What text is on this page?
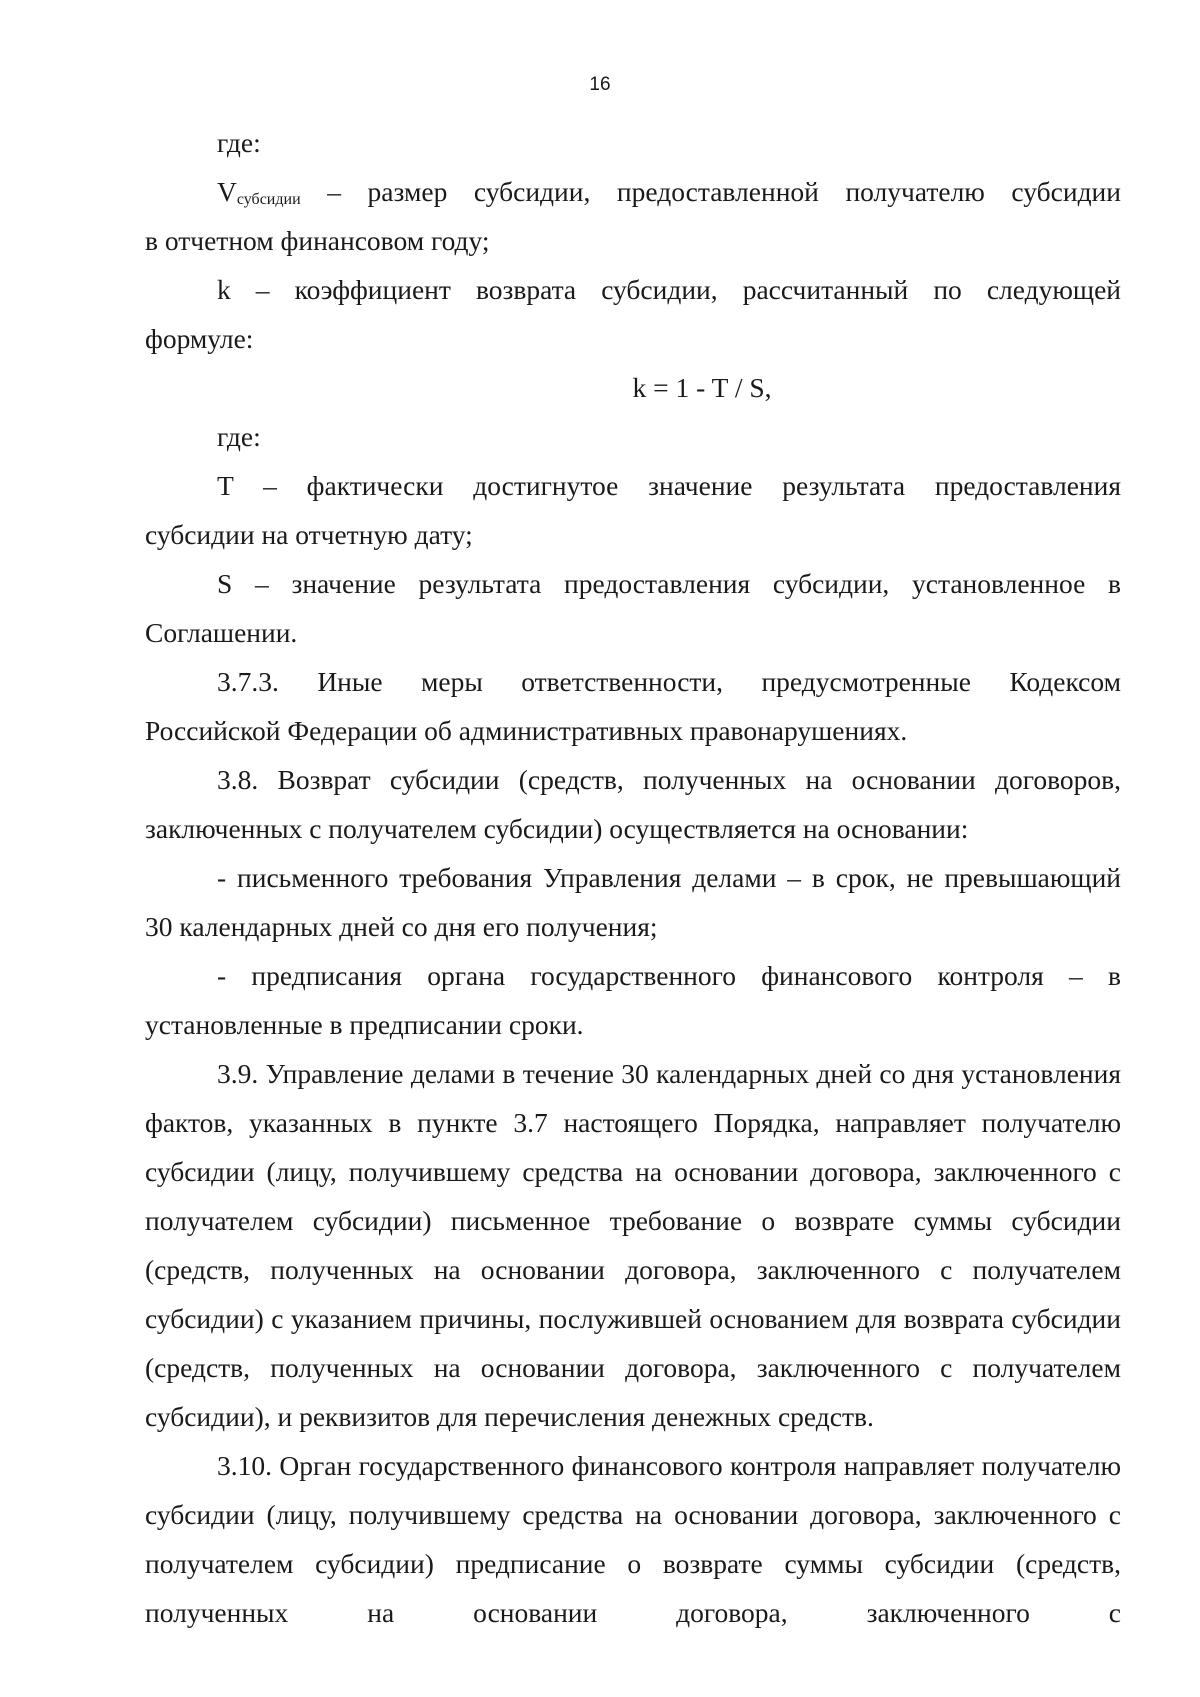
16

где:

$V_{субсидии}$ – размер субсидии, предоставленной получателю субсидии

в отчетном финансовом году;

k – коэффициент возврата субсидии, рассчитанный по следующей

формуле:

k = 1 - T / S,

где:

T – фактически достигнутое значение результата предоставления

субсидии на отчетную дату;

S – значение результата предоставления субсидии, установленное в

Соглашении.

3.7.3. Иные меры ответственности, предусмотренные Кодексом

Российской Федерации об административных правонарушениях.

3.8. Возврат субсидии (средств, полученных на основании договоров,

заключенных с получателем субсидии) осуществляется на основании:

- письменного требования Управления делами – в срок, не превышающий

30 календарных дней со дня его получения;

- предписания органа государственного финансового контроля – в

установленные в предписании сроки.

3.9. Управление делами в течение 30 календарных дней со дня установления фактов, указанных в пункте 3.7 настоящего Порядка, направляет получателю субсидии (лицу, получившему средства на основании договора, заключенного с получателем субсидии) письменное требование о возврате суммы субсидии (средств, полученных на основании договора, заключенного с получателем субсидии) с указанием причины, послужившей основанием для возврата субсидии (средств, полученных на основании договора, заключенного с получателем субсидии), и реквизитов для перечисления денежных средств.

3.10. Орган государственного финансового контроля направляет получателю субсидии (лицу, получившему средства на основании договора, заключенного с получателем субсидии) предписание о возврате суммы субсидии (средств, полученных на основании договора, заключенного с
